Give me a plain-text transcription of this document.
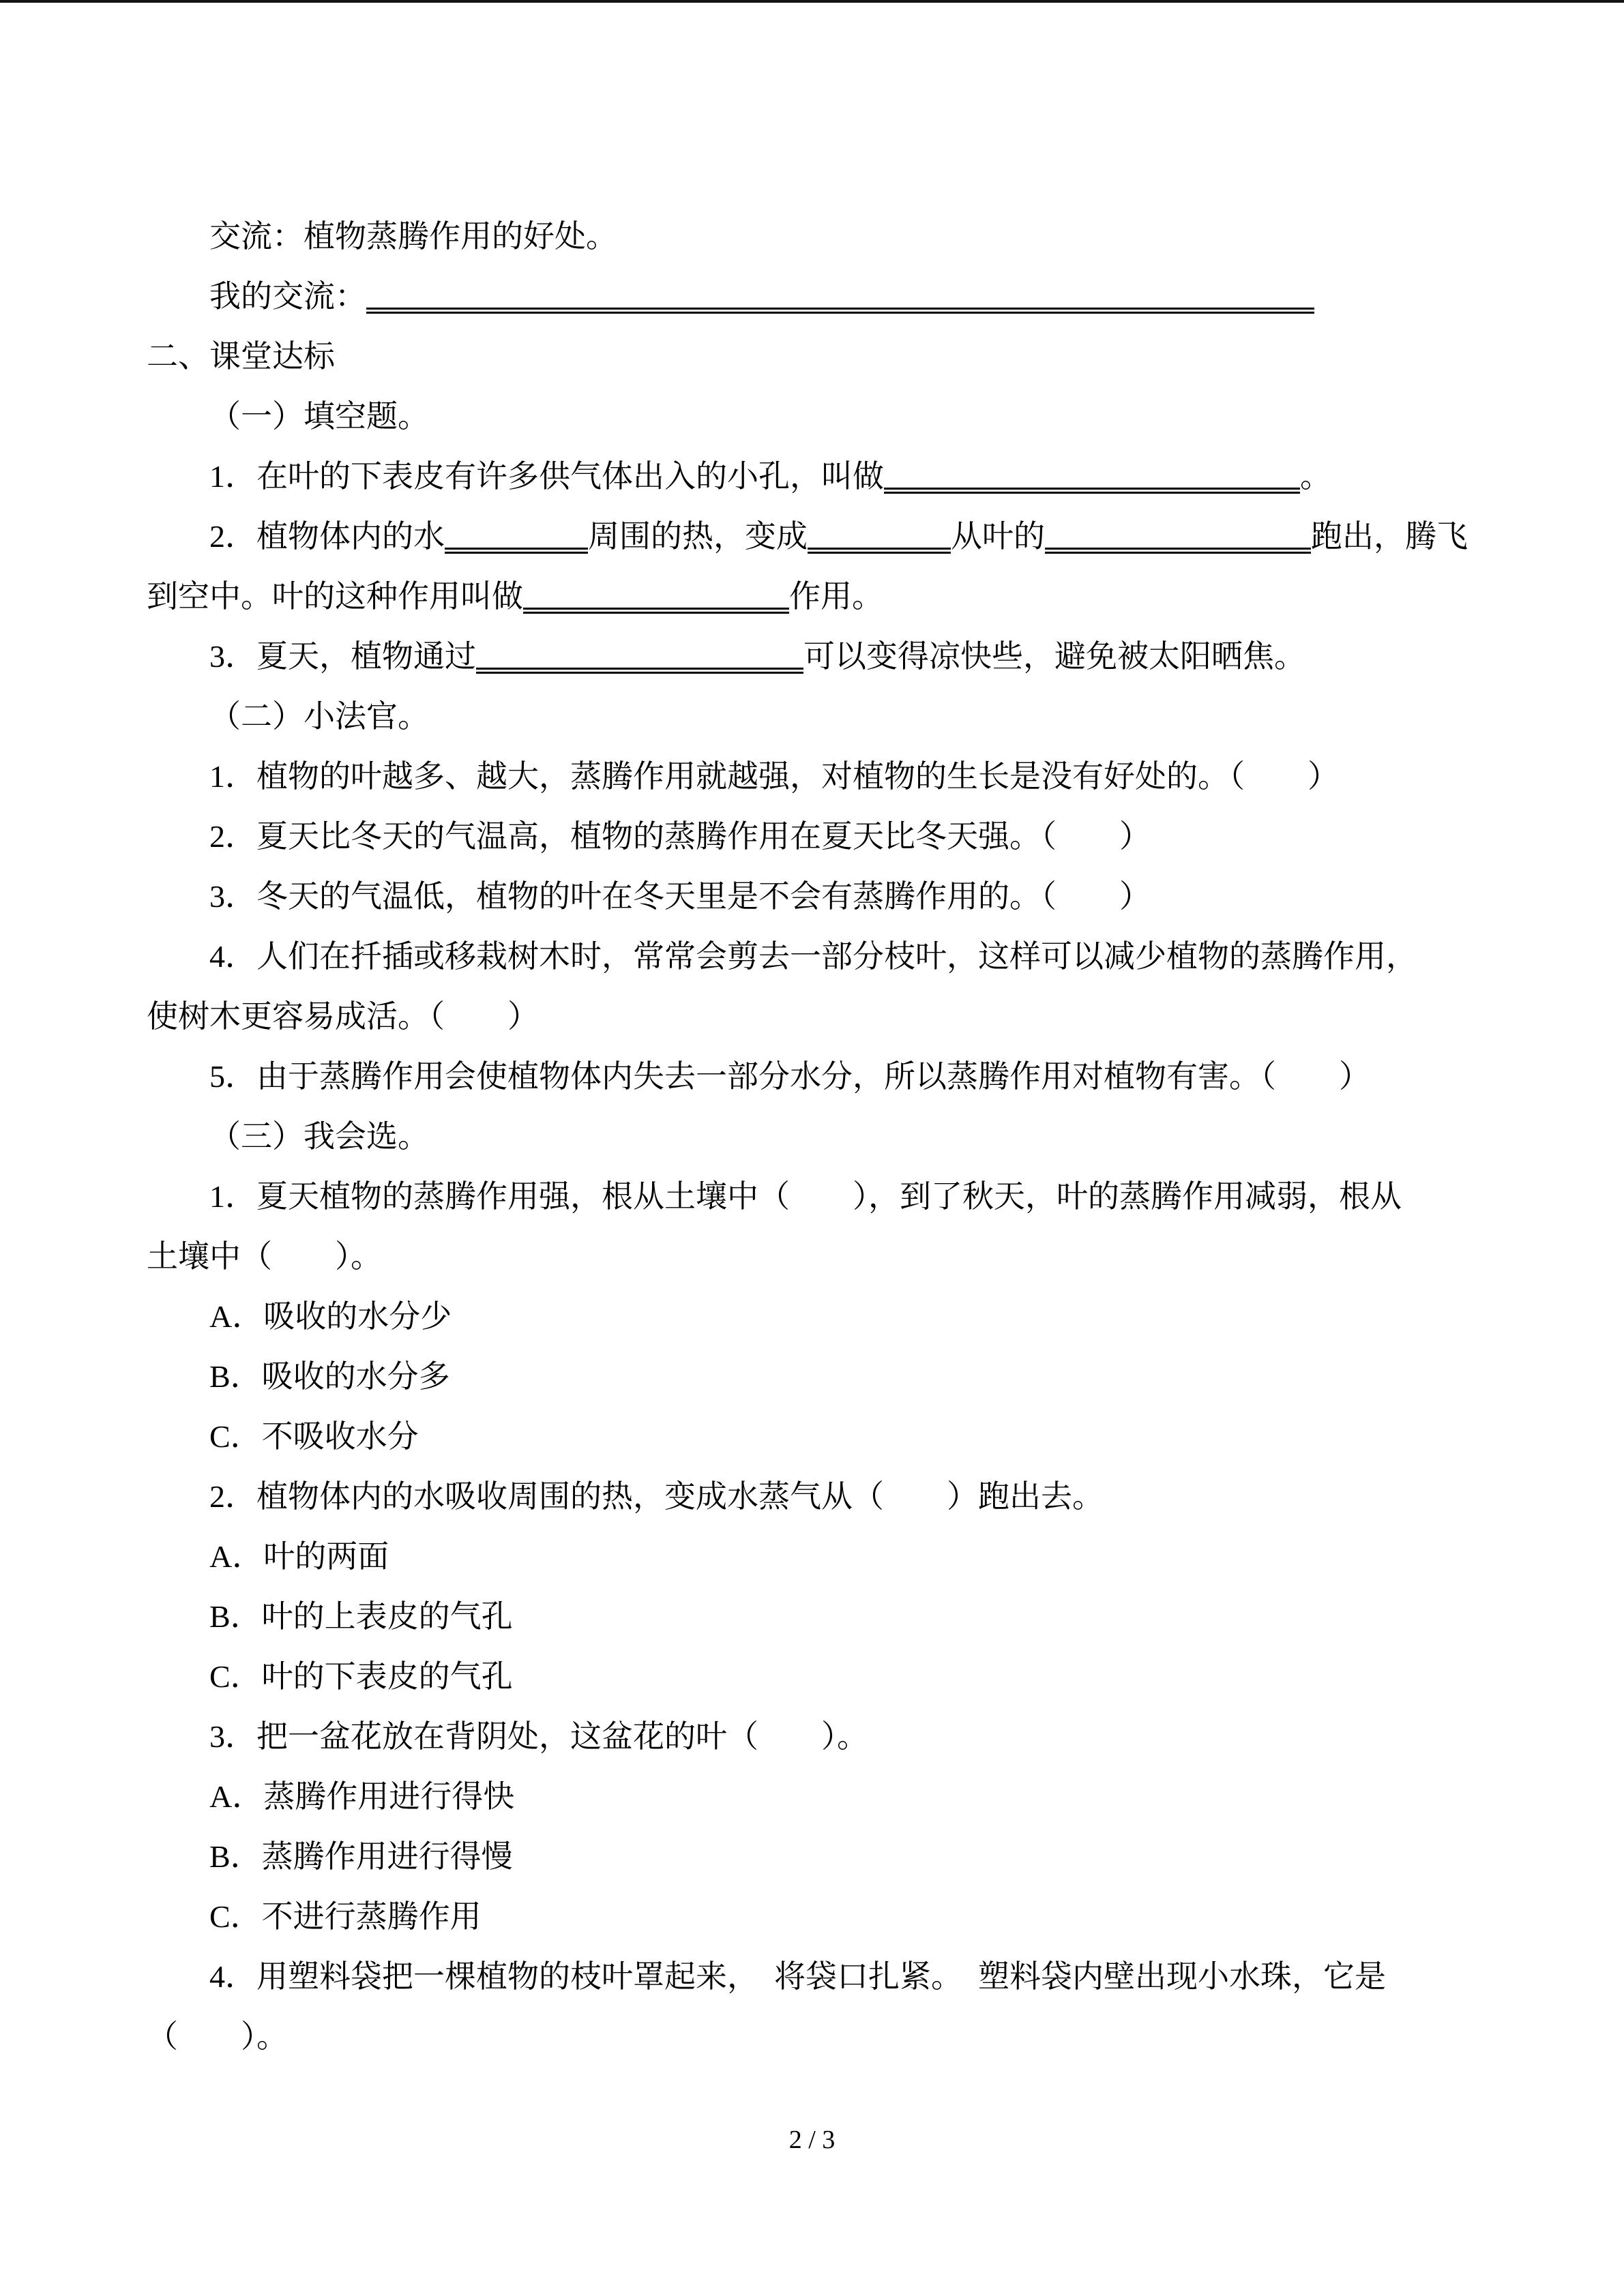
交流：植物蒸腾作用的好处。
我的交流：
二、课堂达标
（一）填空题。
1．在叶的下表皮有许多供气体出入的小孔，叫做	。
2．植物体内的水	周围的热，变成	从叶的	跑出，腾飞
到空中。叶的这种作用叫做	作用。
3．夏天，植物通过	可以变得凉快些，避免被太阳晒焦。
（二）小法官。
1．植物的叶越多、越大，蒸腾作用就越强，对植物的生长是没有好处的。（　　）
2．夏天比冬天的气温高，植物的蒸腾作用在夏天比冬天强。（　　）
3．冬天的气温低，植物的叶在冬天里是不会有蒸腾作用的。（　　）
4．人们在扦插或移栽树木时，常常会剪去一部分枝叶，这样可以减少植物的蒸腾作用，
使树木更容易成活。（　　）
5．由于蒸腾作用会使植物体内失去一部分水分，所以蒸腾作用对植物有害。（　　）
（三）我会选。
1．夏天植物的蒸腾作用强，根从土壤中（　　），到了秋天，叶的蒸腾作用减弱，根从
土壤中（　　）。
A．吸收的水分少
B．吸收的水分多
C．不吸收水分
2．植物体内的水吸收周围的热，变成水蒸气从（　　）跑出去。
A．叶的两面
B．叶的上表皮的气孔
C．叶的下表皮的气孔
3．把一盆花放在背阴处，这盆花的叶（　　）。
A．蒸腾作用进行得快
B．蒸腾作用进行得慢
C．不进行蒸腾作用
4．用塑料袋把一棵植物的枝叶罩起来，　将袋口扎紧。　塑料袋内壁出现小水珠，它是
（　　）。
2 / 3
